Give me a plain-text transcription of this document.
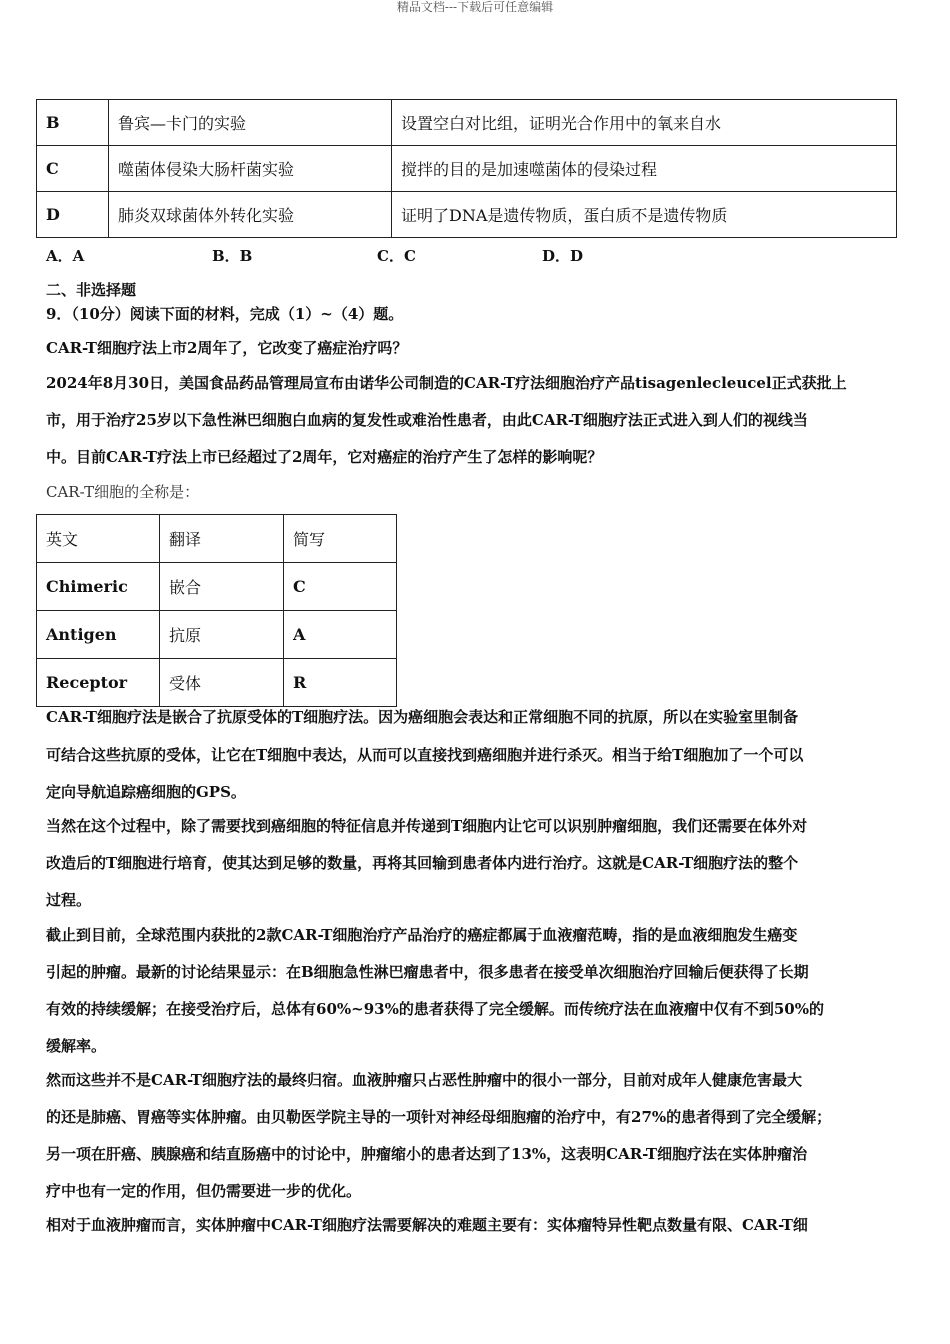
精品文档---下载后可任意编辑
B	鲁宾—卡门的实验	设置空白对比组，证明光合作用中的氧来自水
C	噬菌体侵染大肠杆菌实验	搅拌的目的是加速噬菌体的侵染过程
D	肺炎双球菌体外转化实验	证明了DNA是遗传物质，蛋白质不是遗传物质
A．A	B．B	C．C	D．D
二、非选择题
9．（10分）阅读下面的材料，完成（1）~（4）题。
CAR-T细胞疗法上市2周年了，它改变了癌症治疗吗？
2024年8月30日，美国食品药品管理局宣布由诺华公司制造的CAR-T疗法细胞治疗产品tisagenlecleucel正式获批上
市，用于治疗25岁以下急性淋巴细胞白血病的复发性或难治性患者，由此CAR-T细胞疗法正式进入到人们的视线当
中。目前CAR-T疗法上市已经超过了2周年，它对癌症的治疗产生了怎样的影响呢？
CAR-T细胞的全称是：
英文	翻译	简写
Chimeric	嵌合	C
Antigen	抗原	A
Receptor	受体	R
CAR-T细胞疗法是嵌合了抗原受体的T细胞疗法。因为癌细胞会表达和正常细胞不同的抗原，所以在实验室里制备
可结合这些抗原的受体，让它在T细胞中表达，从而可以直接找到癌细胞并进行杀灭。相当于给T细胞加了一个可以
定向导航追踪癌细胞的GPS。
当然在这个过程中，除了需要找到癌细胞的特征信息并传递到T细胞内让它可以识别肿瘤细胞，我们还需要在体外对
改造后的T细胞进行培育，使其达到足够的数量，再将其回输到患者体内进行治疗。这就是CAR-T细胞疗法的整个
过程。
截止到目前，全球范围内获批的2款CAR-T细胞治疗产品治疗的癌症都属于血液瘤范畴，指的是血液细胞发生癌变
引起的肿瘤。最新的讨论结果显示：在B细胞急性淋巴瘤患者中，很多患者在接受单次细胞治疗回输后便获得了长期
有效的持续缓解；在接受治疗后，总体有60%~93%的患者获得了完全缓解。而传统疗法在血液瘤中仅有不到50%的
缓解率。
然而这些并不是CAR-T细胞疗法的最终归宿。血液肿瘤只占恶性肿瘤中的很小一部分，目前对成年人健康危害最大
的还是肺癌、胃癌等实体肿瘤。由贝勒医学院主导的一项针对神经母细胞瘤的治疗中，有27%的患者得到了完全缓解；
另一项在肝癌、胰腺癌和结直肠癌中的讨论中，肿瘤缩小的患者达到了13%，这表明CAR-T细胞疗法在实体肿瘤治
疗中也有一定的作用，但仍需要进一步的优化。
相对于血液肿瘤而言，实体肿瘤中CAR-T细胞疗法需要解决的难题主要有：实体瘤特异性靶点数量有限、CAR-T细
